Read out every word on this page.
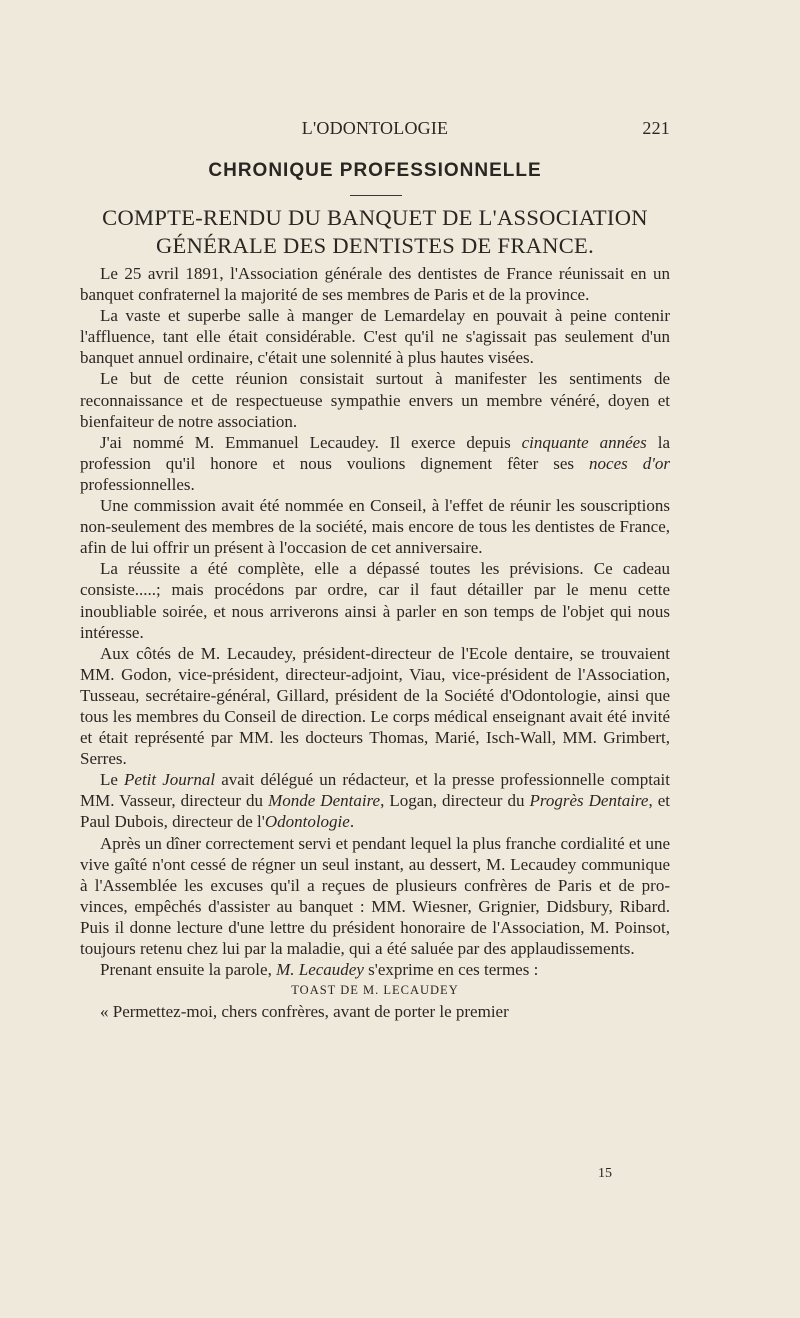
L'ODONTOLOGIE	221
CHRONIQUE PROFESSIONNELLE
COMPTE-RENDU DU BANQUET DE L'ASSOCIATION
GÉNÉRALE DES DENTISTES DE FRANCE.

Le 25 avril 1891, l'Association générale des dentistes de France réunissait en un banquet confraternel la majorité de ses membres de Paris et de la province.

La vaste et superbe salle à manger de Lemardelay en pouvait à peine contenir l'affluence, tant elle était considérable. C'est qu'il ne s'agissait pas seulement d'un banquet annuel ordinaire, c'était une solennité à plus hautes visées.

Le but de cette réunion consistait surtout à manifester les sentiments de reconnaissance et de respectueuse sympathie envers un membre vénéré, doyen et bienfaiteur de notre association.

J'ai nommé M. Emmanuel Lecaudey. Il exerce depuis cinquante années la profession qu'il honore et nous voulions dignement fêter ses noces d'or professionnelles.

Une commission avait été nommée en Conseil, à l'effet de réunir les souscriptions non-seulement des membres de la société, mais encore de tous les dentistes de France, afin de lui offrir un présent à l'occasion de cet anniversaire.

La réussite a été complète, elle a dépassé toutes les prévisions. Ce cadeau consiste.....; mais procédons par ordre, car il faut détailler par le menu cette inoubliable soirée, et nous arriverons ainsi à parler en son temps de l'objet qui nous intéresse.

Aux côtés de M. Lecaudey, président-directeur de l'Ecole dentaire, se trouvaient MM. Godon, vice-président, directeur-adjoint, Viau, vice-président de l'Association, Tusseau, secrétaire-général, Gillard, président de la Société d'Odontologie, ainsi que tous les membres du Conseil de direction. Le corps médical enseignant avait été invité et était représenté par MM. les docteurs Thomas, Marié, Isch-Wall, MM. Grimbert, Serres.

Le Petit Journal avait délégué un rédacteur, et la presse professionnelle comptait MM. Vasseur, directeur du Monde Dentaire, Logan, directeur du Progrès Dentaire, et Paul Dubois, directeur de l'Odontologie.

Après un dîner correctement servi et pendant lequel la plus franche cordialité et une vive gaîté n'ont cessé de régner un seul instant, au dessert, M. Lecaudey communique à l'Assemblée les excuses qu'il a reçues de plusieurs confrères de Paris et de provinces, empêchés d'assister au banquet : MM. Wiesner, Grignier, Didsbury, Ribard. Puis il donne lecture d'une lettre du président honoraire de l'Association, M. Poinsot, toujours retenu chez lui par la maladie, qui a été saluée par des applaudissements.

Prenant ensuite la parole, M. Lecaudey s'exprime en ces termes :

TOAST DE M. LECAUDEY

« Permettez-moi, chers confrères, avant de porter le premier

15
